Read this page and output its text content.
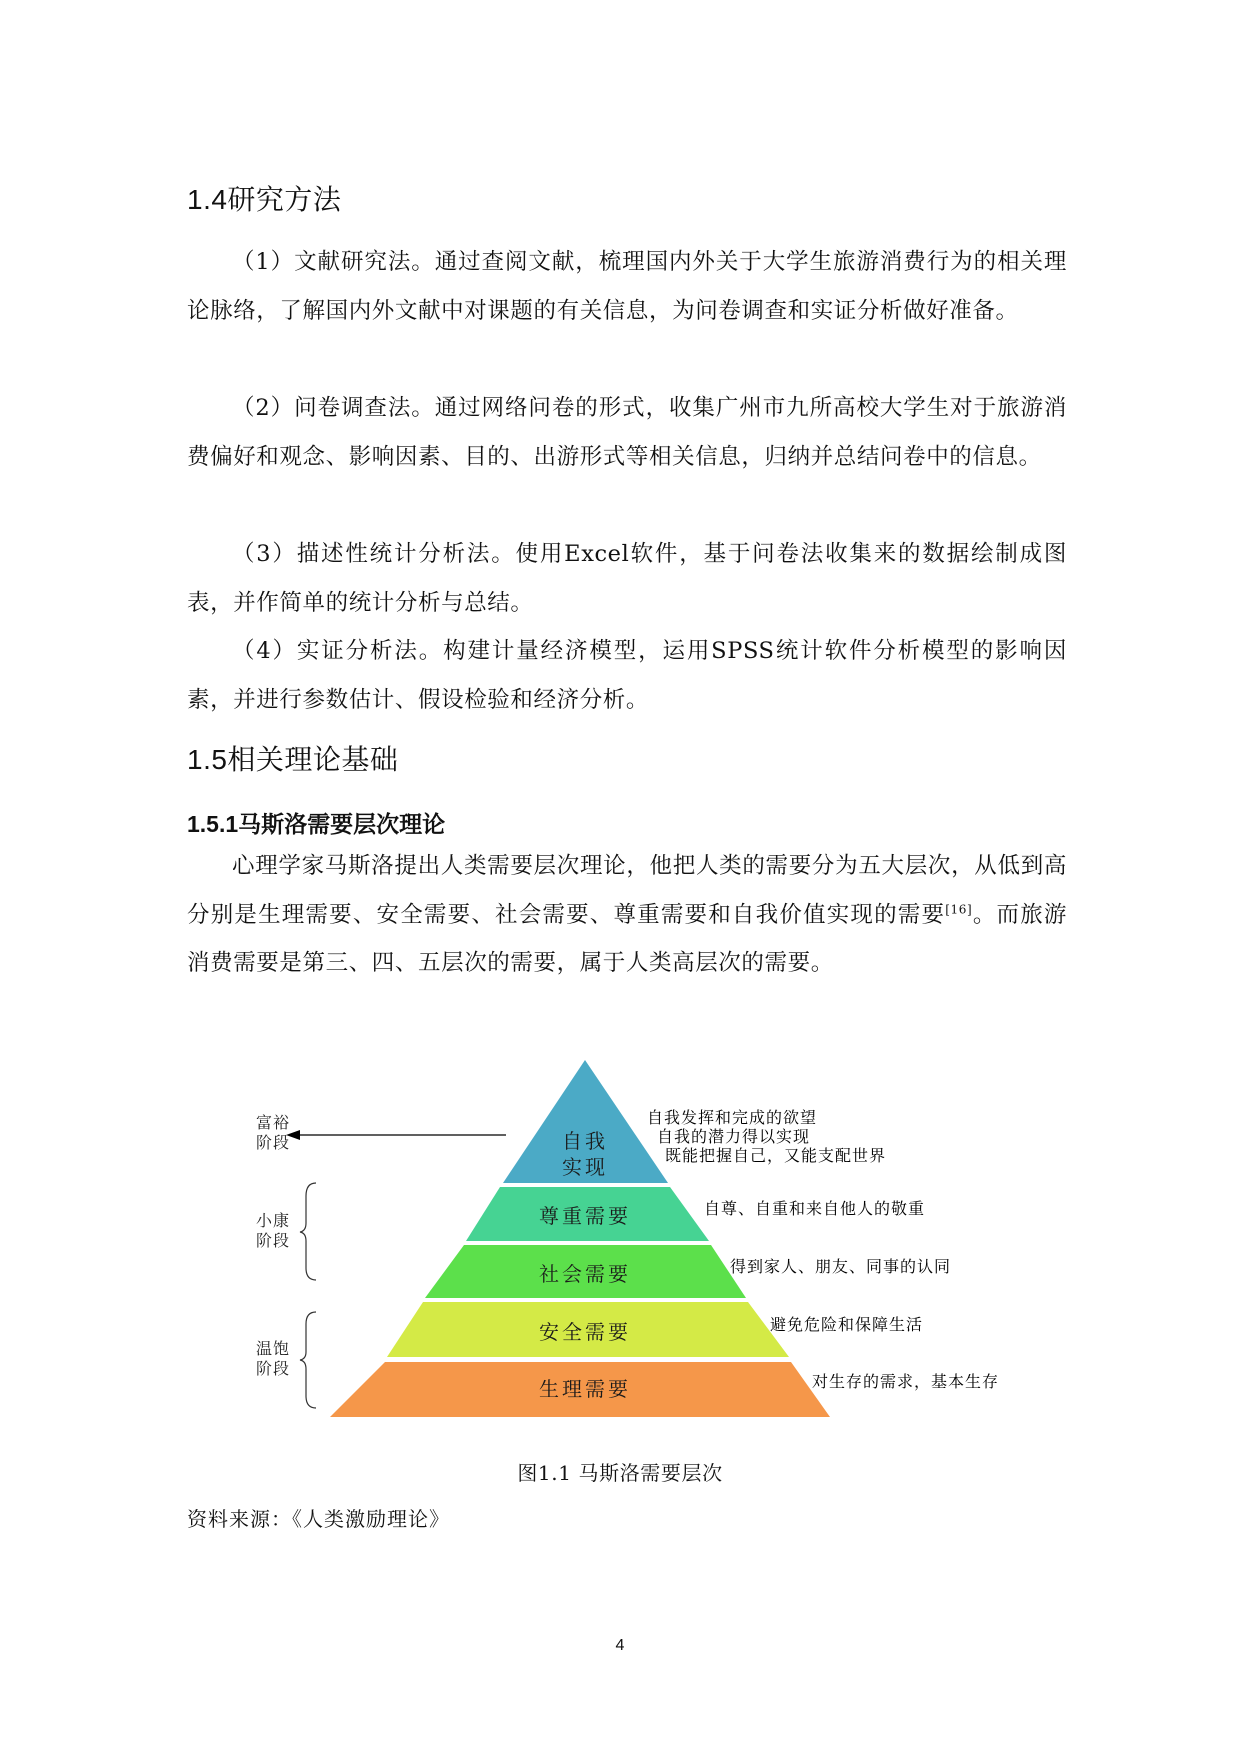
1.4研究方法

（1）文献研究法。通过查阅文献，梳理国内外关于大学生旅游消费行为的相关理论脉络，了解国内外文献中对课题的有关信息，为问卷调查和实证分析做好准备。

（2）问卷调查法。通过网络问卷的形式，收集广州市九所高校大学生对于旅游消费偏好和观念、影响因素、目的、出游形式等相关信息，归纳并总结问卷中的信息。

（3）描述性统计分析法。使用Excel软件，基于问卷法收集来的数据绘制成图表，并作简单的统计分析与总结。

（4）实证分析法。构建计量经济模型，运用SPSS统计软件分析模型的影响因素，并进行参数估计、假设检验和经济分析。

1.5相关理论基础
1.5.1马斯洛需要层次理论

心理学家马斯洛提出人类需要层次理论，他把人类的需要分为五大层次，从低到高分别是生理需要、安全需要、社会需要、尊重需要和自我价值实现的需要[16]。而旅游消费需要是第三、四、五层次的需要，属于人类高层次的需要。

富裕
阶段
小康
阶段
温饱
阶段
自我
实现
尊重需要
社会需要
安全需要
生理需要
自我发挥和完成的欲望
自我的潜力得以实现
既能把握自己，又能支配世界
自尊、自重和来自他人的敬重
得到家人、朋友、同事的认同
避免危险和保障生活
对生存的需求，基本生存
图1.1 马斯洛需要层次
资料来源：《人类激励理论》
4
